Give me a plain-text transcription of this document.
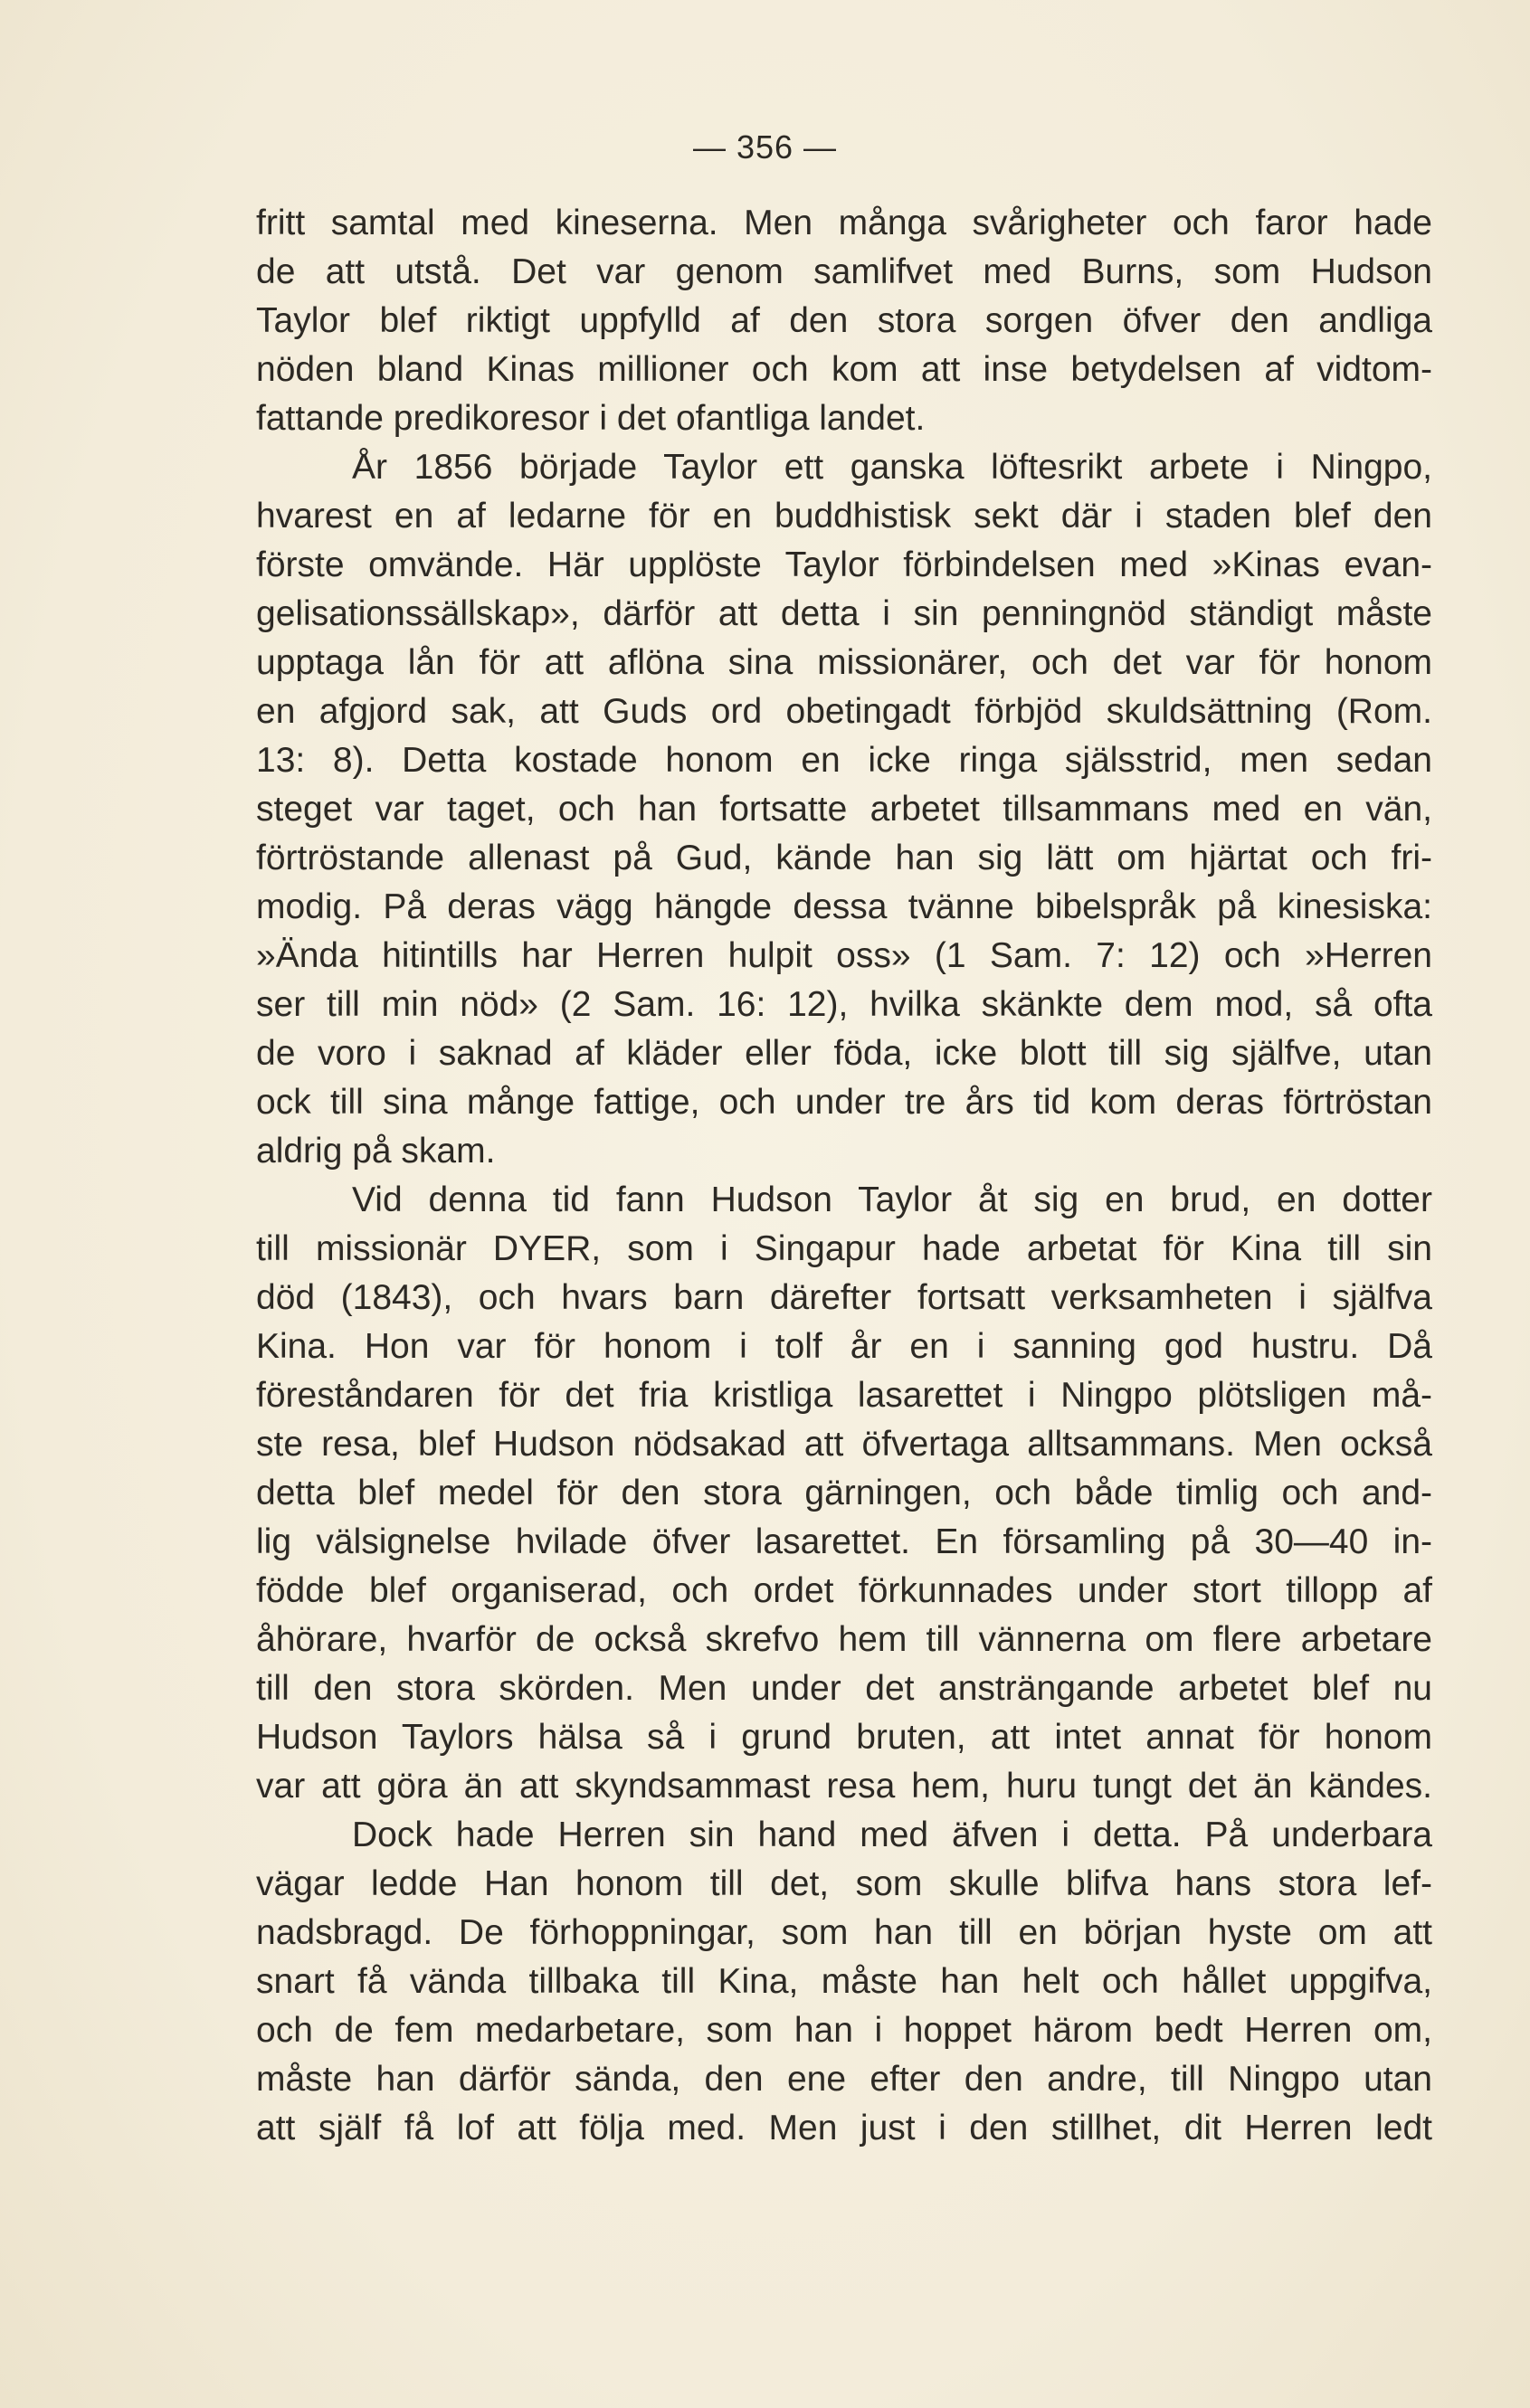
— 356 —
fritt samtal med kineserna. Men många svårigheter och faror hade
de att utstå. Det var genom samlifvet med Burns, som Hudson
Taylor blef riktigt uppfylld af den stora sorgen öfver den andliga
nöden bland Kinas millioner och kom att inse betydelsen af vidtom-
fattande predikoresor i det ofantliga landet.
År 1856 började Taylor ett ganska löftesrikt arbete i Ningpo,
hvarest en af ledarne för en buddhistisk sekt där i staden blef den
förste omvände. Här upplöste Taylor förbindelsen med »Kinas evan-
gelisationssällskap», därför att detta i sin penningnöd ständigt måste
upptaga lån för att aflöna sina missionärer, och det var för honom
en afgjord sak, att Guds ord obetingadt förbjöd skuldsättning (Rom.
13: 8). Detta kostade honom en icke ringa själsstrid, men sedan
steget var taget, och han fortsatte arbetet tillsammans med en vän,
förtröstande allenast på Gud, kände han sig lätt om hjärtat och fri-
modig. På deras vägg hängde dessa tvänne bibelspråk på kinesiska:
»Ända hitintills har Herren hulpit oss» (1 Sam. 7: 12) och »Herren
ser till min nöd» (2 Sam. 16: 12), hvilka skänkte dem mod, så ofta
de voro i saknad af kläder eller föda, icke blott till sig själfve, utan
ock till sina månge fattige, och under tre års tid kom deras förtröstan
aldrig på skam.
Vid denna tid fann Hudson Taylor åt sig en brud, en dotter
till missionär DYER, som i Singapur hade arbetat för Kina till sin
död (1843), och hvars barn därefter fortsatt verksamheten i själfva
Kina. Hon var för honom i tolf år en i sanning god hustru. Då
föreståndaren för det fria kristliga lasarettet i Ningpo plötsligen må-
ste resa, blef Hudson nödsakad att öfvertaga alltsammans. Men också
detta blef medel för den stora gärningen, och både timlig och and-
lig välsignelse hvilade öfver lasarettet. En församling på 30—40 in-
födde blef organiserad, och ordet förkunnades under stort tillopp af
åhörare, hvarför de också skrefvo hem till vännerna om flere arbetare
till den stora skörden. Men under det ansträngande arbetet blef nu
Hudson Taylors hälsa så i grund bruten, att intet annat för honom
var att göra än att skyndsammast resa hem, huru tungt det än kändes.
Dock hade Herren sin hand med äfven i detta. På underbara
vägar ledde Han honom till det, som skulle blifva hans stora lef-
nadsbragd. De förhoppningar, som han till en början hyste om att
snart få vända tillbaka till Kina, måste han helt och hållet uppgifva,
och de fem medarbetare, som han i hoppet härom bedt Herren om,
måste han därför sända, den ene efter den andre, till Ningpo utan
att själf få lof att följa med. Men just i den stillhet, dit Herren ledt
